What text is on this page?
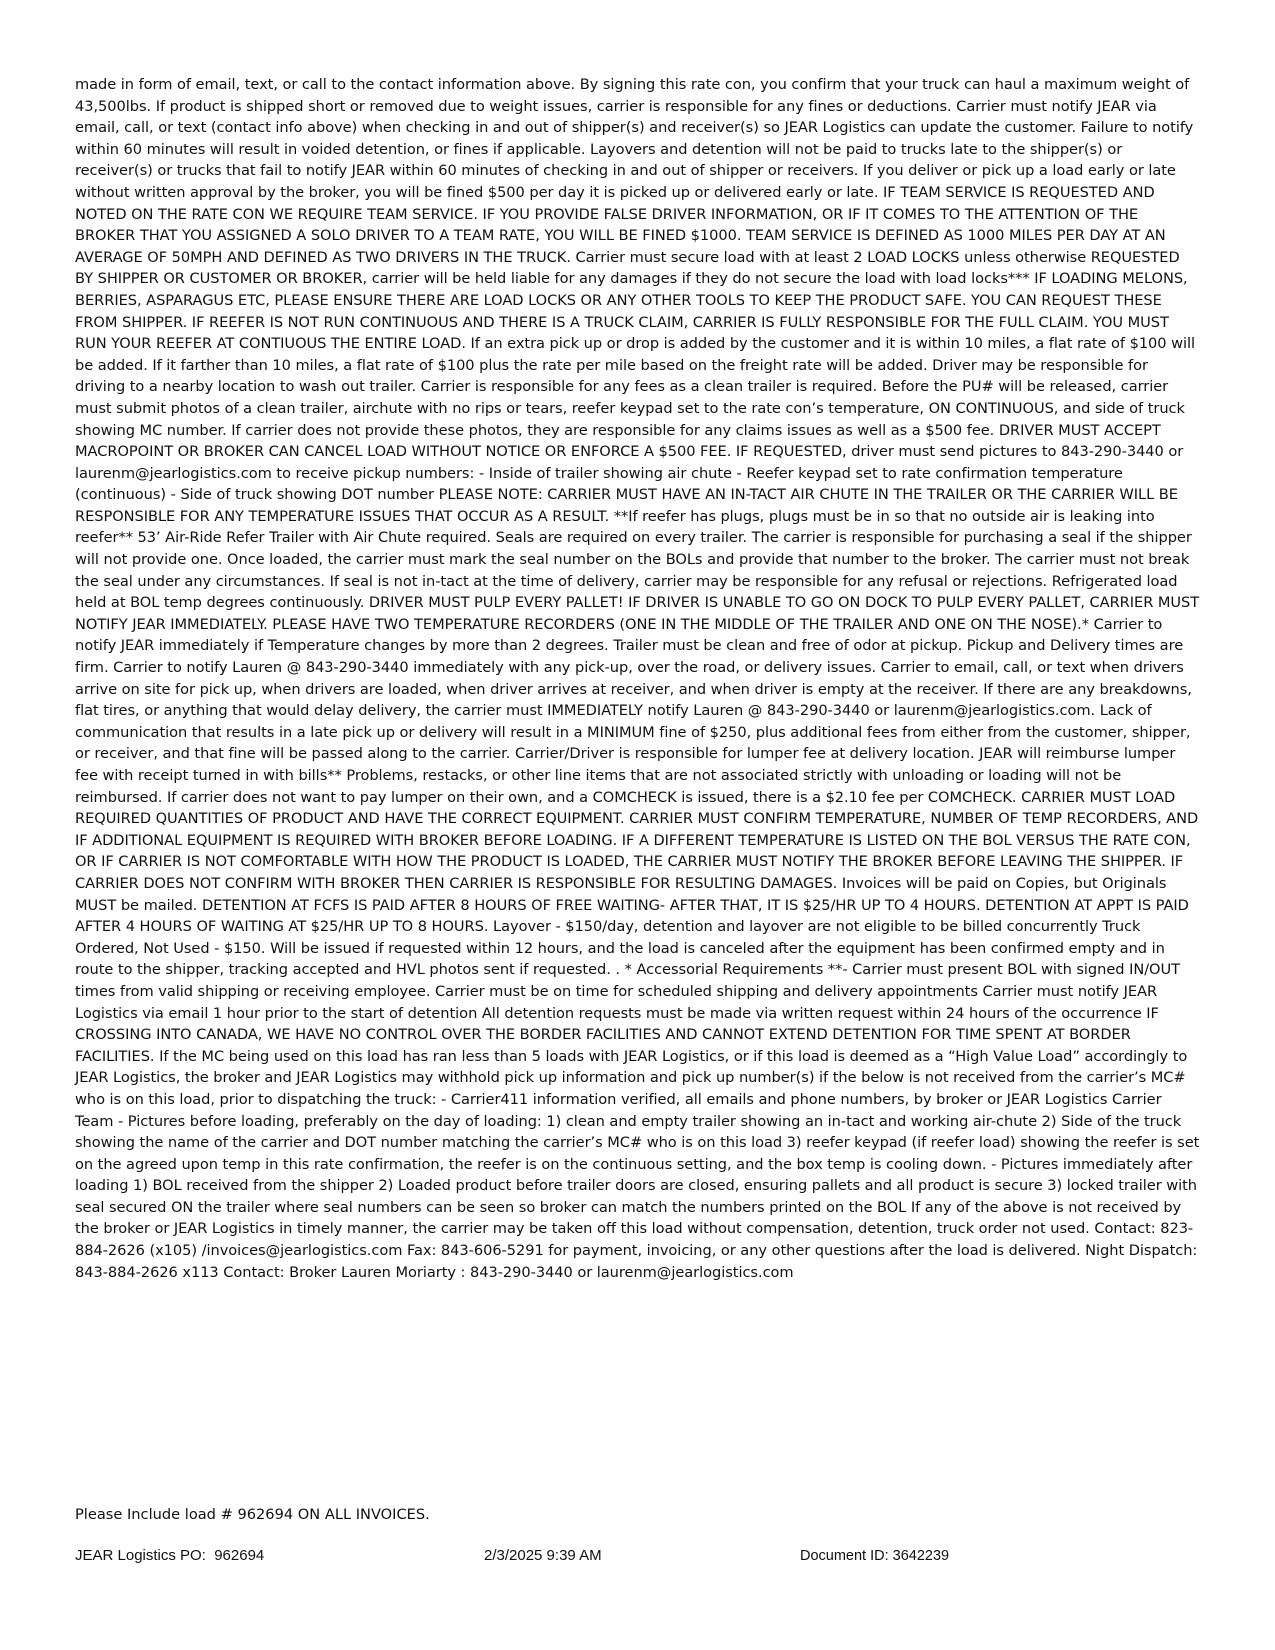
made in form of email, text, or call to the contact information above. By signing this rate con, you confirm that your truck can haul a maximum weight of 43,500lbs. If product is shipped short or removed due to weight issues, carrier is responsible for any fines or deductions. Carrier must notify JEAR via email, call, or text (contact info above) when checking in and out of shipper(s) and receiver(s) so JEAR Logistics can update the customer. Failure to notify within 60 minutes will result in voided detention, or fines if applicable. Layovers and detention will not be paid to trucks late to the shipper(s) or receiver(s) or trucks that fail to notify JEAR within 60 minutes of checking in and out of shipper or receivers. If you deliver or pick up a load early or late without written approval by the broker, you will be fined $500 per day it is picked up or delivered early or late. IF TEAM SERVICE IS REQUESTED AND NOTED ON THE RATE CON WE REQUIRE TEAM SERVICE. IF YOU PROVIDE FALSE DRIVER INFORMATION, OR IF IT COMES TO THE ATTENTION OF THE BROKER THAT YOU ASSIGNED A SOLO DRIVER TO A TEAM RATE, YOU WILL BE FINED $1000. TEAM SERVICE IS DEFINED AS 1000 MILES PER DAY AT AN AVERAGE OF 50MPH AND DEFINED AS TWO DRIVERS IN THE TRUCK. Carrier must secure load with at least 2 LOAD LOCKS unless otherwise REQUESTED BY SHIPPER OR CUSTOMER OR BROKER, carrier will be held liable for any damages if they do not secure the load with load locks*** IF LOADING MELONS, BERRIES, ASPARAGUS ETC, PLEASE ENSURE THERE ARE LOAD LOCKS OR ANY OTHER TOOLS TO KEEP THE PRODUCT SAFE. YOU CAN REQUEST THESE FROM SHIPPER. IF REEFER IS NOT RUN CONTINUOUS AND THERE IS A TRUCK CLAIM, CARRIER IS FULLY RESPONSIBLE FOR THE FULL CLAIM. YOU MUST RUN YOUR REEFER AT CONTIUOUS THE ENTIRE LOAD. If an extra pick up or drop is added by the customer and it is within 10 miles, a flat rate of $100 will be added. If it farther than 10 miles, a flat rate of $100 plus the rate per mile based on the freight rate will be added. Driver may be responsible for driving to a nearby location to wash out trailer. Carrier is responsible for any fees as a clean trailer is required. Before the PU# will be released, carrier must submit photos of a clean trailer, airchute with no rips or tears, reefer keypad set to the rate con’s temperature, ON CONTINUOUS, and side of truck showing MC number. If carrier does not provide these photos, they are responsible for any claims issues as well as a $500 fee. DRIVER MUST ACCEPT MACROPOINT OR BROKER CAN CANCEL LOAD WITHOUT NOTICE OR ENFORCE A $500 FEE. IF REQUESTED, driver must send pictures to 843-290-3440 or laurenm@jearlogistics.com to receive pickup numbers: - Inside of trailer showing air chute - Reefer keypad set to rate confirmation temperature (continuous) - Side of truck showing DOT number PLEASE NOTE: CARRIER MUST HAVE AN IN-TACT AIR CHUTE IN THE TRAILER OR THE CARRIER WILL BE RESPONSIBLE FOR ANY TEMPERATURE ISSUES THAT OCCUR AS A RESULT. **If reefer has plugs, plugs must be in so that no outside air is leaking into reefer** 53’ Air-Ride Refer Trailer with Air Chute required. Seals are required on every trailer. The carrier is responsible for purchasing a seal if the shipper will not provide one. Once loaded, the carrier must mark the seal number on the BOLs and provide that number to the broker. The carrier must not break the seal under any circumstances. If seal is not in-tact at the time of delivery, carrier may be responsible for any refusal or rejections. Refrigerated load held at BOL temp degrees continuously. DRIVER MUST PULP EVERY PALLET! IF DRIVER IS UNABLE TO GO ON DOCK TO PULP EVERY PALLET, CARRIER MUST NOTIFY JEAR IMMEDIATELY. PLEASE HAVE TWO TEMPERATURE RECORDERS (ONE IN THE MIDDLE OF THE TRAILER AND ONE ON THE NOSE).* Carrier to notify JEAR immediately if Temperature changes by more than 2 degrees. Trailer must be clean and free of odor at pickup. Pickup and Delivery times are firm. Carrier to notify Lauren @ 843-290-3440 immediately with any pick-up, over the road, or delivery issues. Carrier to email, call, or text when drivers arrive on site for pick up, when drivers are loaded, when driver arrives at receiver, and when driver is empty at the receiver. If there are any breakdowns, flat tires, or anything that would delay delivery, the carrier must IMMEDIATELY notify Lauren @ 843-290-3440 or laurenm@jearlogistics.com. Lack of communication that results in a late pick up or delivery will result in a MINIMUM fine of $250, plus additional fees from either from the customer, shipper, or receiver, and that fine will be passed along to the carrier. Carrier/Driver is responsible for lumper fee at delivery location. JEAR will reimburse lumper fee with receipt turned in with bills** Problems, restacks, or other line items that are not associated strictly with unloading or loading will not be reimbursed. If carrier does not want to pay lumper on their own, and a COMCHECK is issued, there is a $2.10 fee per COMCHECK. CARRIER MUST LOAD REQUIRED QUANTITIES OF PRODUCT AND HAVE THE CORRECT EQUIPMENT. CARRIER MUST CONFIRM TEMPERATURE, NUMBER OF TEMP RECORDERS, AND IF ADDITIONAL EQUIPMENT IS REQUIRED WITH BROKER BEFORE LOADING. IF A DIFFERENT TEMPERATURE IS LISTED ON THE BOL VERSUS THE RATE CON, OR IF CARRIER IS NOT COMFORTABLE WITH HOW THE PRODUCT IS LOADED, THE CARRIER MUST NOTIFY THE BROKER BEFORE LEAVING THE SHIPPER. IF CARRIER DOES NOT CONFIRM WITH BROKER THEN CARRIER IS RESPONSIBLE FOR RESULTING DAMAGES. Invoices will be paid on Copies, but Originals MUST be mailed. DETENTION AT FCFS IS PAID AFTER 8 HOURS OF FREE WAITING- AFTER THAT, IT IS $25/HR UP TO 4 HOURS. DETENTION AT APPT IS PAID AFTER 4 HOURS OF WAITING AT $25/HR UP TO 8 HOURS. Layover - $150/day, detention and layover are not eligible to be billed concurrently Truck Ordered, Not Used - $150. Will be issued if requested within 12 hours, and the load is canceled after the equipment has been confirmed empty and in route to the shipper, tracking accepted and HVL photos sent if requested. . * Accessorial Requirements **- Carrier must present BOL with signed IN/OUT times from valid shipping or receiving employee. Carrier must be on time for scheduled shipping and delivery appointments Carrier must notify JEAR Logistics via email 1 hour prior to the start of detention All detention requests must be made via written request within 24 hours of the occurrence IF CROSSING INTO CANADA, WE HAVE NO CONTROL OVER THE BORDER FACILITIES AND CANNOT EXTEND DETENTION FOR TIME SPENT AT BORDER FACILITIES. If the MC being used on this load has ran less than 5 loads with JEAR Logistics, or if this load is deemed as a “High Value Load” accordingly to JEAR Logistics, the broker and JEAR Logistics may withhold pick up information and pick up number(s) if the below is not received from the carrier’s MC# who is on this load, prior to dispatching the truck: - Carrier411 information verified, all emails and phone numbers, by broker or JEAR Logistics Carrier Team - Pictures before loading, preferably on the day of loading: 1) clean and empty trailer showing an in-tact and working air-chute 2) Side of the truck showing the name of the carrier and DOT number matching the carrier’s MC# who is on this load 3) reefer keypad (if reefer load) showing the reefer is set on the agreed upon temp in this rate confirmation, the reefer is on the continuous setting, and the box temp is cooling down. - Pictures immediately after loading 1) BOL received from the shipper 2) Loaded product before trailer doors are closed, ensuring pallets and all product is secure 3) locked trailer with seal secured ON the trailer where seal numbers can be seen so broker can match the numbers printed on the BOL If any of the above is not received by the broker or JEAR Logistics in timely manner, the carrier may be taken off this load without compensation, detention, truck order not used. Contact: 823-884-2626 (x105) /invoices@jearlogistics.com Fax: 843-606-5291 for payment, invoicing, or any other questions after the load is delivered. Night Dispatch: 843-884-2626 x113 Contact: Broker Lauren Moriarty : 843-290-3440 or laurenm@jearlogistics.com

Please Include load # 962694 ON ALL INVOICES.

JEAR Logistics PO:  962694	2/3/2025 9:39 AM	Document ID: 3642239
